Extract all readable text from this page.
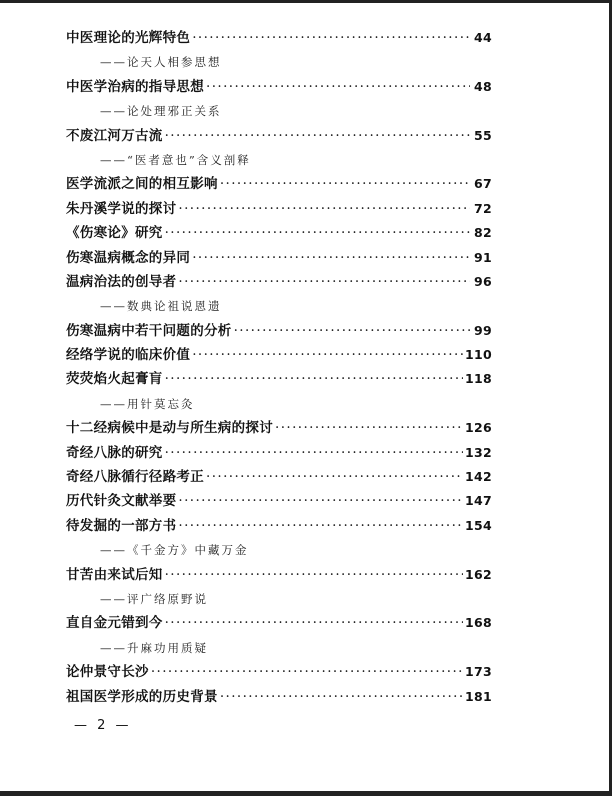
中医理论的光辉特色 ·····	44
——论天人相参思想
中医学治病的指导思想 ·····	48
——论处理邪正关系
不废江河万古流 ·····	55
——“医者意也”含义剖释
医学流派之间的相互影响 ·····	67
朱丹溪学说的探讨 ·····	72
《伤寒论》研究 ·····	82
伤寒温病概念的异同 ·····	91
温病治法的创导者 ·····	96
——数典论祖说恩遗
伤寒温病中若干问题的分析 ·····	99
经络学说的临床价值 ·····	110
荧荧焰火起膏肓 ·····	118
——用针莫忘灸
十二经病候中是动与所生病的探讨 ·····	126
奇经八脉的研究 ·····	132
奇经八脉循行径路考正 ·····	142
历代针灸文献举要 ·····	147
待发掘的一部方书 ·····	154
——《千金方》中藏万金
甘苦由来试后知 ·····	162
——评广络原野说
直自金元错到今 ·····	168
——升麻功用质疑
论仲景守长沙 ·····	173
祖国医学形成的历史背景 ·····	181
— 2 —
